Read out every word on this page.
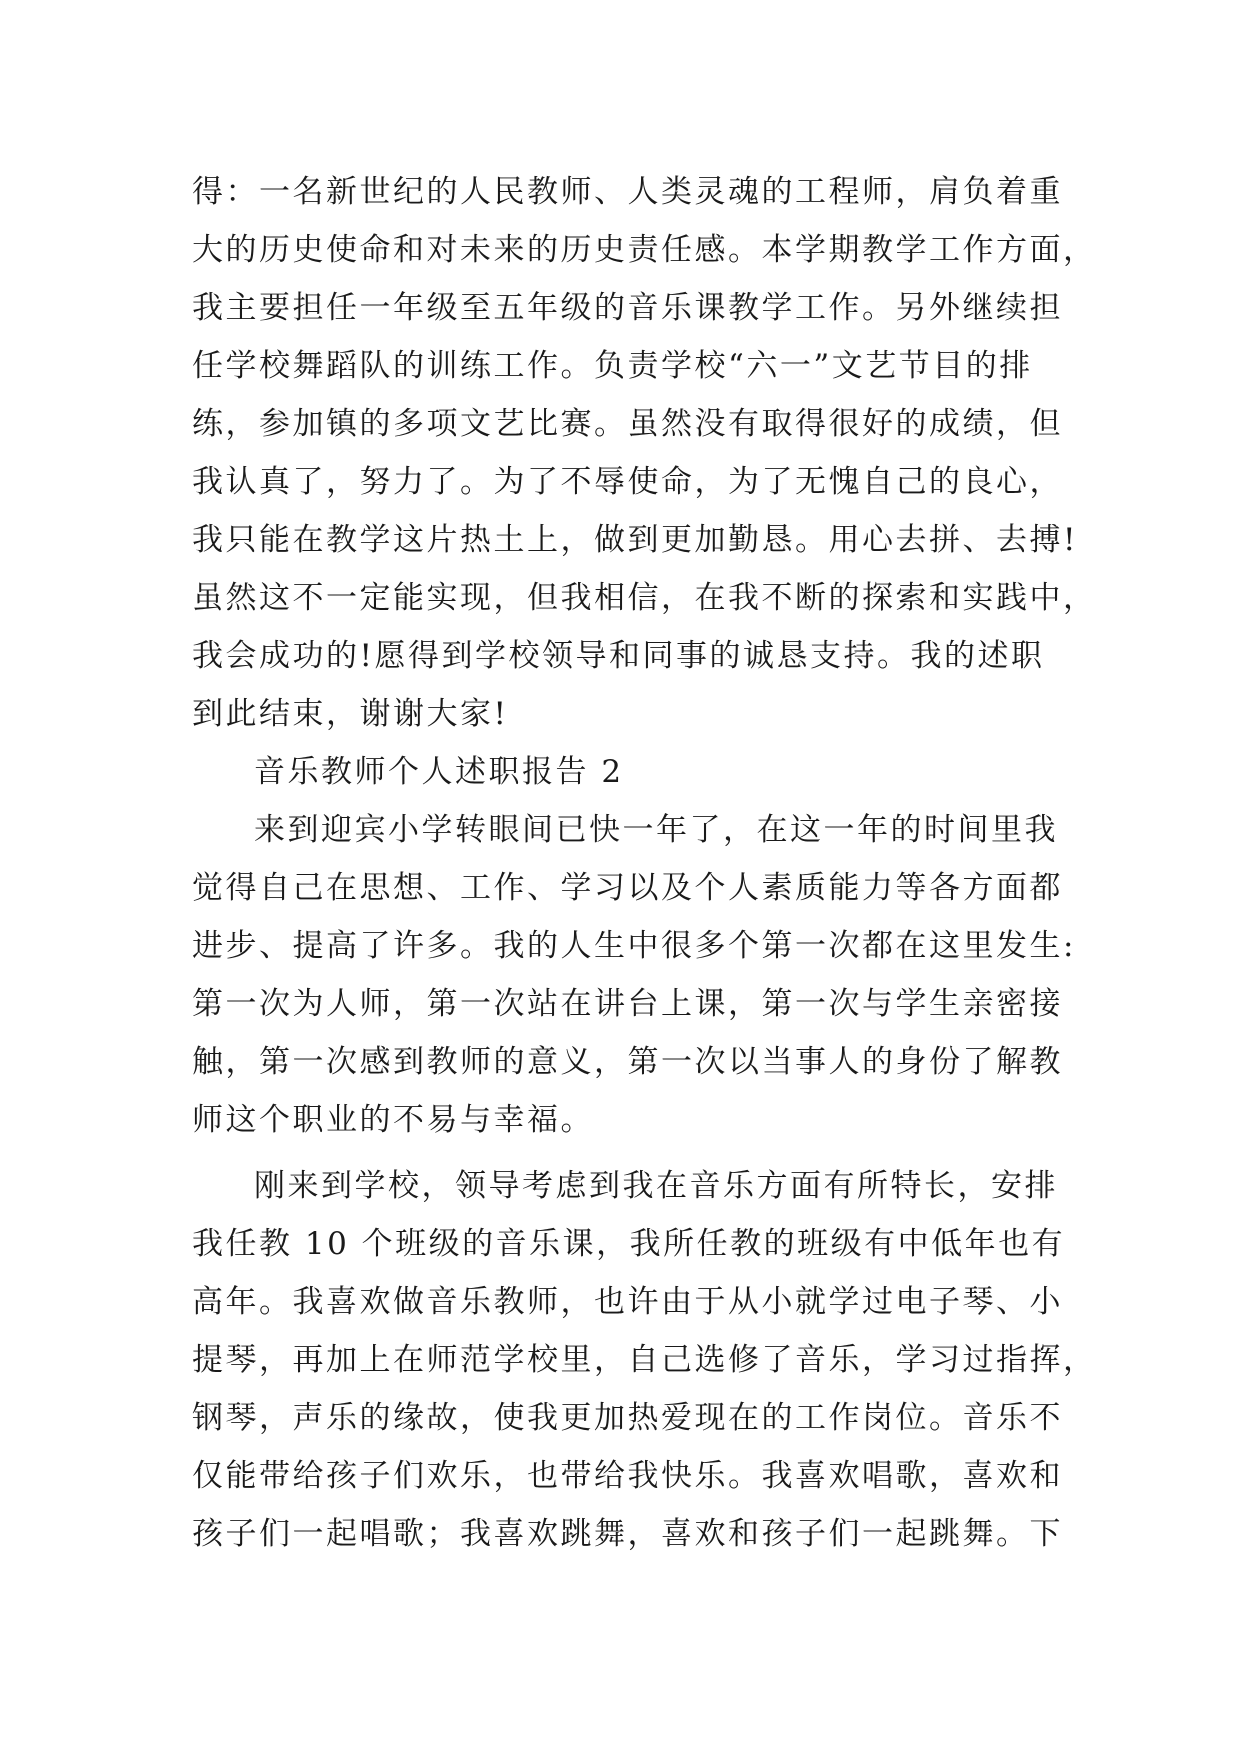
得：一名新世纪的人民教师、人类灵魂的工程师，肩负着重
大的历史使命和对未来的历史责任感。本学期教学工作方面，
我主要担任一年级至五年级的音乐课教学工作。另外继续担
任学校舞蹈队的训练工作。负责学校“六一”文艺节目的排
练，参加镇的多项文艺比赛。虽然没有取得很好的成绩，但
我认真了，努力了。为了不辱使命，为了无愧自己的良心，
我只能在教学这片热土上，做到更加勤恳。用心去拼、去搏!
虽然这不一定能实现，但我相信，在我不断的探索和实践中，
我会成功的!愿得到学校领导和同事的诚恳支持。我的述职
到此结束，谢谢大家!
音乐教师个人述职报告 2
来到迎宾小学转眼间已快一年了，在这一年的时间里我
觉得自己在思想、工作、学习以及个人素质能力等各方面都
进步、提高了许多。我的人生中很多个第一次都在这里发生:
第一次为人师，第一次站在讲台上课，第一次与学生亲密接
触，第一次感到教师的意义，第一次以当事人的身份了解教
师这个职业的不易与幸福。
刚来到学校，领导考虑到我在音乐方面有所特长，安排
我任教 10 个班级的音乐课，我所任教的班级有中低年也有
高年。我喜欢做音乐教师，也许由于从小就学过电子琴、小
提琴，再加上在师范学校里，自己选修了音乐，学习过指挥，
钢琴，声乐的缘故，使我更加热爱现在的工作岗位。音乐不
仅能带给孩子们欢乐，也带给我快乐。我喜欢唱歌，喜欢和
孩子们一起唱歌；我喜欢跳舞，喜欢和孩子们一起跳舞。下
